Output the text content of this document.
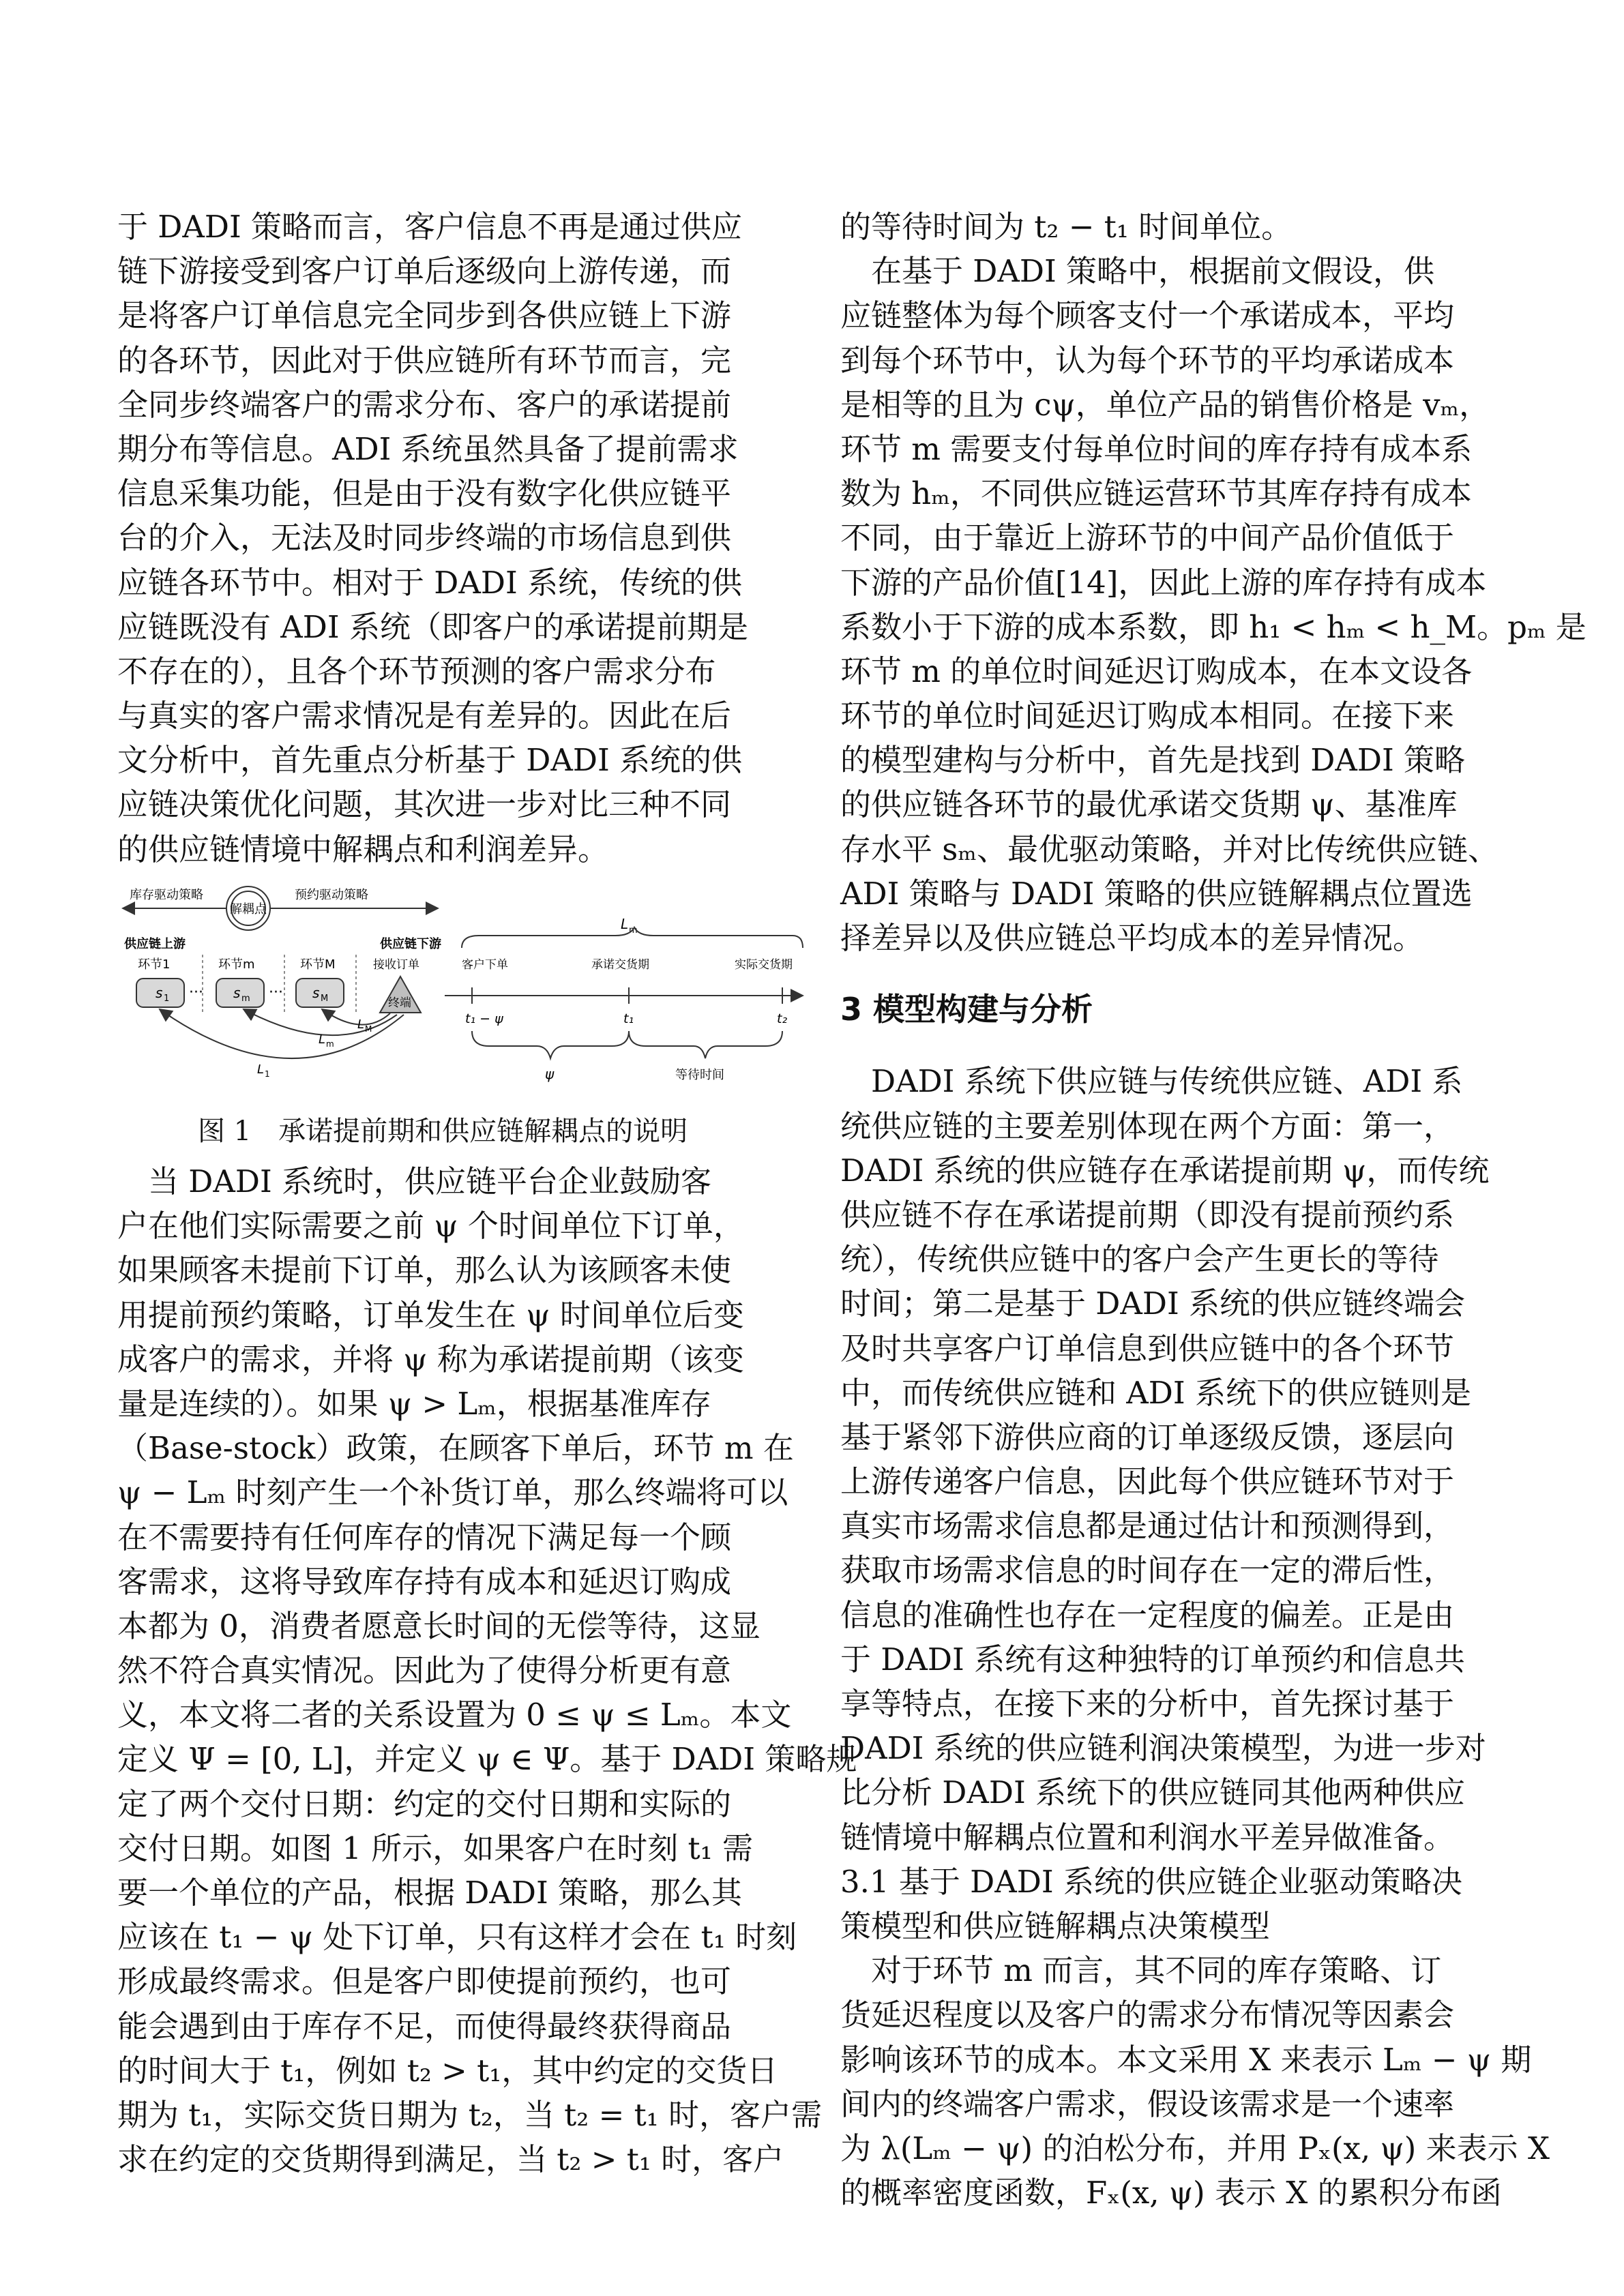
于 DADI 策略而言，客户信息不再是通过供应
链下游接受到客户订单后逐级向上游传递，而
是将客户订单信息完全同步到各供应链上下游
的各环节，因此对于供应链所有环节而言，完
全同步终端客户的需求分布、客户的承诺提前
期分布等信息。ADI 系统虽然具备了提前需求
信息采集功能，但是由于没有数字化供应链平
台的介入，无法及时同步终端的市场信息到供
应链各环节中。相对于 DADI 系统，传统的供
应链既没有 ADI 系统（即客户的承诺提前期是
不存在的），且各个环节预测的客户需求分布
与真实的客户需求情况是有差异的。因此在后
文分析中，首先重点分析基于 DADI 系统的供
应链决策优化问题，其次进一步对比三种不同
的供应链情境中解耦点和利润差异。
库存驱动策略	预约驱动策略
解耦点
供应链上游	供应链下游
环节1	环节m	环节M	接收订单
s 1	s m	s M
···	···
终端
L M
L m
L 1
L m
客户下单	承诺交货期	实际交货期
t₁ − ψ	t₁	t₂
ψ	等待时间
图 1　承诺提前期和供应链解耦点的说明
　当 DADI 系统时，供应链平台企业鼓励客
户在他们实际需要之前 ψ 个时间单位下订单，
如果顾客未提前下订单，那么认为该顾客未使
用提前预约策略，订单发生在 ψ 时间单位后变
成客户的需求，并将 ψ 称为承诺提前期（该变
量是连续的）。如果 ψ > Lₘ，根据基准库存
（Base-stock）政策，在顾客下单后，环节 m 在
ψ − Lₘ 时刻产生一个补货订单，那么终端将可以
在不需要持有任何库存的情况下满足每一个顾
客需求，这将导致库存持有成本和延迟订购成
本都为 0，消费者愿意长时间的无偿等待，这显
然不符合真实情况。因此为了使得分析更有意
义，本文将二者的关系设置为 0 ≤ ψ ≤ Lₘ。本文
定义 Ψ = [0, L]，并定义 ψ ∈ Ψ。基于 DADI 策略规
定了两个交付日期：约定的交付日期和实际的
交付日期。如图 1 所示，如果客户在时刻 t₁ 需
要一个单位的产品，根据 DADI 策略，那么其
应该在 t₁ − ψ 处下订单，只有这样才会在 t₁ 时刻
形成最终需求。但是客户即使提前预约，也可
能会遇到由于库存不足，而使得最终获得商品
的时间大于 t₁，例如 t₂ > t₁，其中约定的交货日
期为 t₁，实际交货日期为 t₂，当 t₂ = t₁ 时，客户需
求在约定的交货期得到满足，当 t₂ > t₁ 时，客户
的等待时间为 t₂ − t₁ 时间单位。
　在基于 DADI 策略中，根据前文假设，供
应链整体为每个顾客支付一个承诺成本，平均
到每个环节中，认为每个环节的平均承诺成本
是相等的且为 cψ，单位产品的销售价格是 vₘ，
环节 m 需要支付每单位时间的库存持有成本系
数为 hₘ，不同供应链运营环节其库存持有成本
不同，由于靠近上游环节的中间产品价值低于
下游的产品价值[14]，因此上游的库存持有成本
系数小于下游的成本系数，即 h₁ < hₘ < h_M。pₘ 是
环节 m 的单位时间延迟订购成本，在本文设各
环节的单位时间延迟订购成本相同。在接下来
的模型建构与分析中，首先是找到 DADI 策略
的供应链各环节的最优承诺交货期 ψ、基准库
存水平 sₘ、最优驱动策略，并对比传统供应链、
ADI 策略与 DADI 策略的供应链解耦点位置选
择差异以及供应链总平均成本的差异情况。
3 模型构建与分析
　DADI 系统下供应链与传统供应链、ADI 系
统供应链的主要差别体现在两个方面：第一，
DADI 系统的供应链存在承诺提前期 ψ，而传统
供应链不存在承诺提前期（即没有提前预约系
统），传统供应链中的客户会产生更长的等待
时间；第二是基于 DADI 系统的供应链终端会
及时共享客户订单信息到供应链中的各个环节
中，而传统供应链和 ADI 系统下的供应链则是
基于紧邻下游供应商的订单逐级反馈，逐层向
上游传递客户信息，因此每个供应链环节对于
真实市场需求信息都是通过估计和预测得到，
获取市场需求信息的时间存在一定的滞后性，
信息的准确性也存在一定程度的偏差。正是由
于 DADI 系统有这种独特的订单预约和信息共
享等特点，在接下来的分析中，首先探讨基于
DADI 系统的供应链利润决策模型，为进一步对
比分析 DADI 系统下的供应链同其他两种供应
链情境中解耦点位置和利润水平差异做准备。
3.1 基于 DADI 系统的供应链企业驱动策略决
策模型和供应链解耦点决策模型
　对于环节 m 而言，其不同的库存策略、订
货延迟程度以及客户的需求分布情况等因素会
影响该环节的成本。本文采用 X 来表示 Lₘ − ψ 期
间内的终端客户需求，假设该需求是一个速率
为 λ(Lₘ − ψ) 的泊松分布，并用 Pₓ(x, ψ) 来表示 X
的概率密度函数，Fₓ(x, ψ) 表示 X 的累积分布函
